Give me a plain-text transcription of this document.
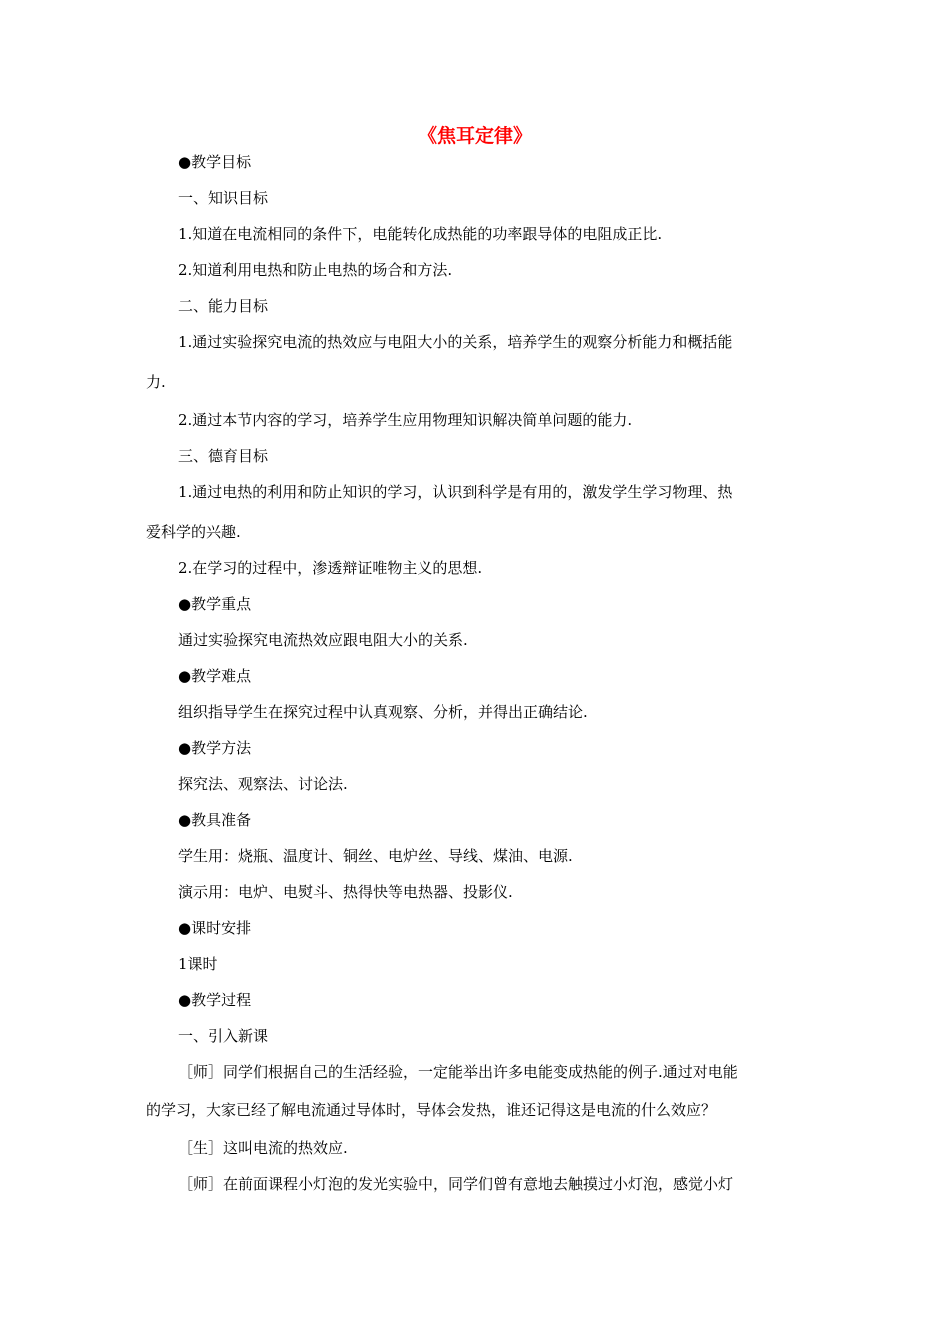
《焦耳定律》
●教学目标
一、知识目标
1.知道在电流相同的条件下，电能转化成热能的功率跟导体的电阻成正比.
2.知道利用电热和防止电热的场合和方法.
二、能力目标
1.通过实验探究电流的热效应与电阻大小的关系，培养学生的观察分析能力和概括能
力.
2.通过本节内容的学习，培养学生应用物理知识解决简单问题的能力.
三、德育目标
1.通过电热的利用和防止知识的学习，认识到科学是有用的，激发学生学习物理、热
爱科学的兴趣.
2.在学习的过程中，渗透辩证唯物主义的思想.
●教学重点
通过实验探究电流热效应跟电阻大小的关系.
●教学难点
组织指导学生在探究过程中认真观察、分析，并得出正确结论.
●教学方法
探究法、观察法、讨论法.
●教具准备
学生用：烧瓶、温度计、铜丝、电炉丝、导线、煤油、电源.
演示用：电炉、电熨斗、热得快等电热器、投影仪.
●课时安排
1课时
●教学过程
一、引入新课
［师］同学们根据自己的生活经验，一定能举出许多电能变成热能的例子.通过对电能
的学习，大家已经了解电流通过导体时，导体会发热，谁还记得这是电流的什么效应？
［生］这叫电流的热效应.
［师］在前面课程小灯泡的发光实验中，同学们曾有意地去触摸过小灯泡，感觉小灯
